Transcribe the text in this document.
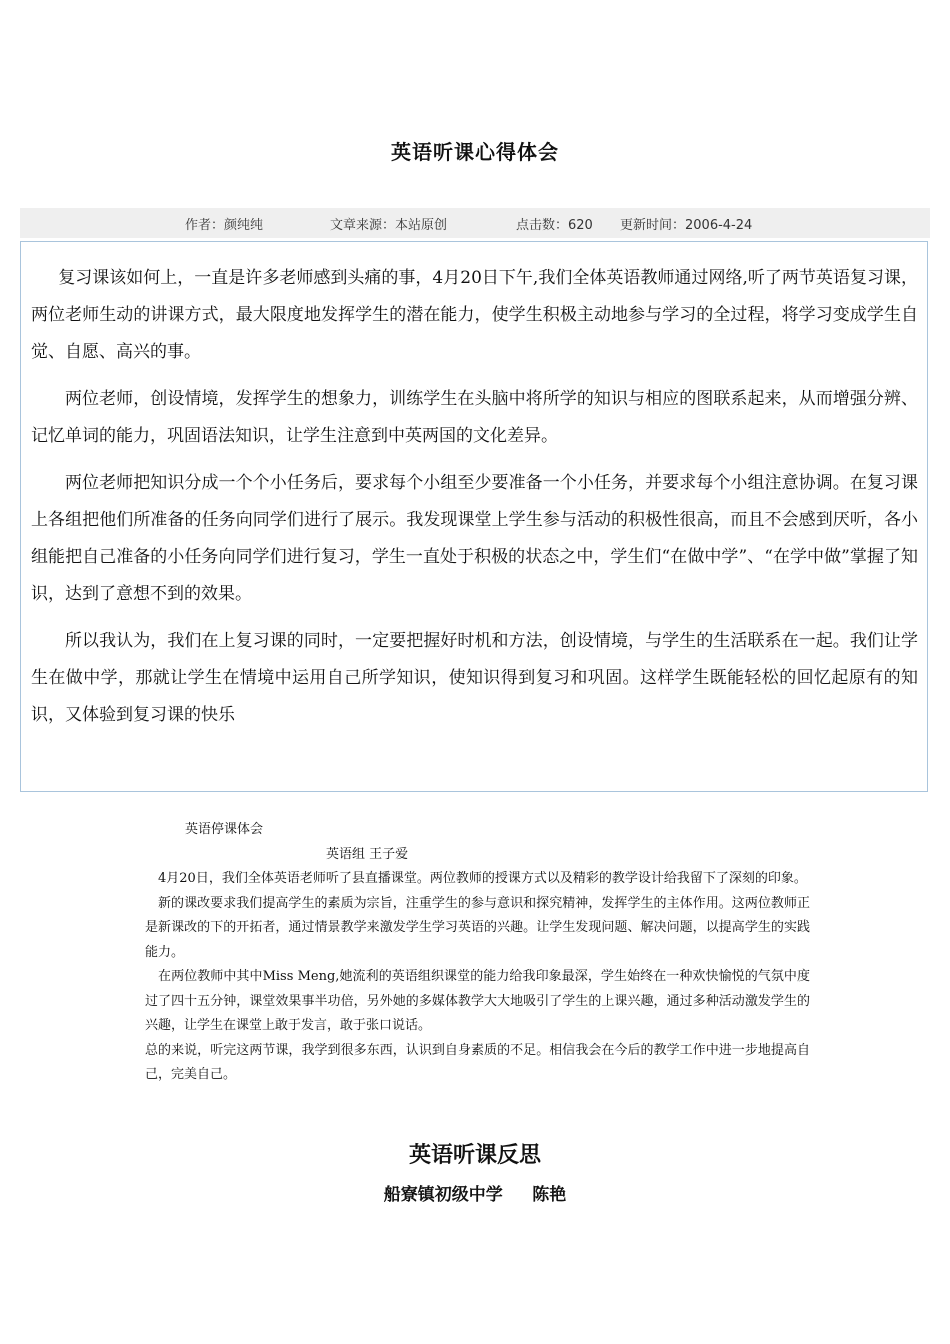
英语听课心得体会
作者：颜纯纯	文章来源：本站原创	点击数：620 更新时间：2006-4-24

复习课该如何上，一直是许多老师感到头痛的事，4月20日下午,我们全体英语教师通过网络,听了两节英语复习课，两位老师生动的讲课方式，最大限度地发挥学生的潜在能力，使学生积极主动地参与学习的全过程，将学习变成学生自觉、自愿、高兴的事。

两位老师，创设情境，发挥学生的想象力，训练学生在头脑中将所学的知识与相应的图联系起来，从而增强分辨、记忆单词的能力，巩固语法知识，让学生注意到中英两国的文化差异。

两位老师把知识分成一个个小任务后，要求每个小组至少要准备一个小任务，并要求每个小组注意协调。在复习课上各组把他们所准备的任务向同学们进行了展示。我发现课堂上学生参与活动的积极性很高，而且不会感到厌听，各小组能把自己准备的小任务向同学们进行复习，学生一直处于积极的状态之中，学生们“在做中学”、“在学中做”掌握了知识，达到了意想不到的效果。

所以我认为，我们在上复习课的同时，一定要把握好时机和方法，创设情境，与学生的生活联系在一起。我们让学生在做中学，那就让学生在情境中运用自己所学知识，使知识得到复习和巩固。这样学生既能轻松的回忆起原有的知识，又体验到复习课的快乐

英语停课体会
英语组 王子爱

4月20日，我们全体英语老师听了县直播课堂。两位教师的授课方式以及精彩的教学设计给我留下了深刻的印象。

新的课改要求我们提高学生的素质为宗旨，注重学生的参与意识和探究精神，发挥学生的主体作用。这两位教师正是新课改的下的开拓者，通过情景教学来激发学生学习英语的兴趣。让学生发现问题、解决问题，以提高学生的实践能力。

在两位教师中其中Miss Meng,她流利的英语组织课堂的能力给我印象最深，学生始终在一种欢快愉悦的气氛中度过了四十五分钟，课堂效果事半功倍，另外她的多媒体教学大大地吸引了学生的上课兴趣，通过多种活动激发学生的兴趣，让学生在课堂上敢于发言，敢于张口说话。

总的来说，听完这两节课，我学到很多东西，认识到自身素质的不足。相信我会在今后的教学工作中进一步地提高自己，完美自己。

英语听课反思
船寮镇初级中学     陈艳
